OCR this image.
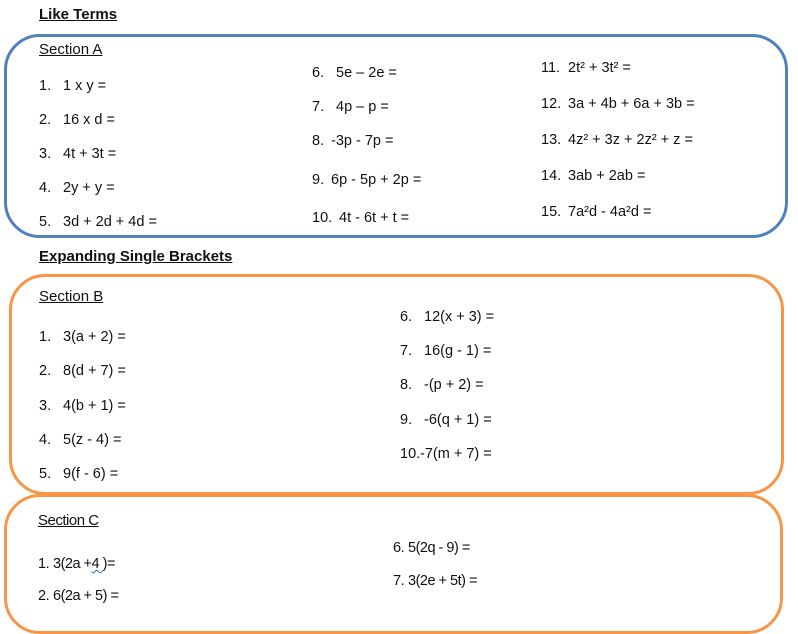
Like Terms
Section A
1. 1 x y =
2. 16 x d =
3. 4t + 3t =
4. 2y + y =
5. 3d + 2d + 4d =
6. 5e – 2e =
7. 4p – p =
8. -3p - 7p =
9. 6p - 5p + 2p =
10. 4t - 6t + t =
11. 2t² + 3t² =
12. 3a + 4b + 6a + 3b =
13. 4z² + 3z + 2z² + z =
14. 3ab + 2ab =
15. 7a²d - 4a²d =
Expanding Single Brackets
Section B
1. 3(a + 2) =
2. 8(d + 7) =
3. 4(b + 1) =
4. 5(z - 4) =
5. 9(f - 6) =
6. 12(x + 3) =
7. 16(g - 1) =
8. -(p + 2) =
9. -6(q + 1) =
10.-7(m + 7) =
Section C
1. 3(2a +4 )=
2. 6(2a + 5) =
6. 5(2q - 9) =
7. 3(2e + 5t) =
